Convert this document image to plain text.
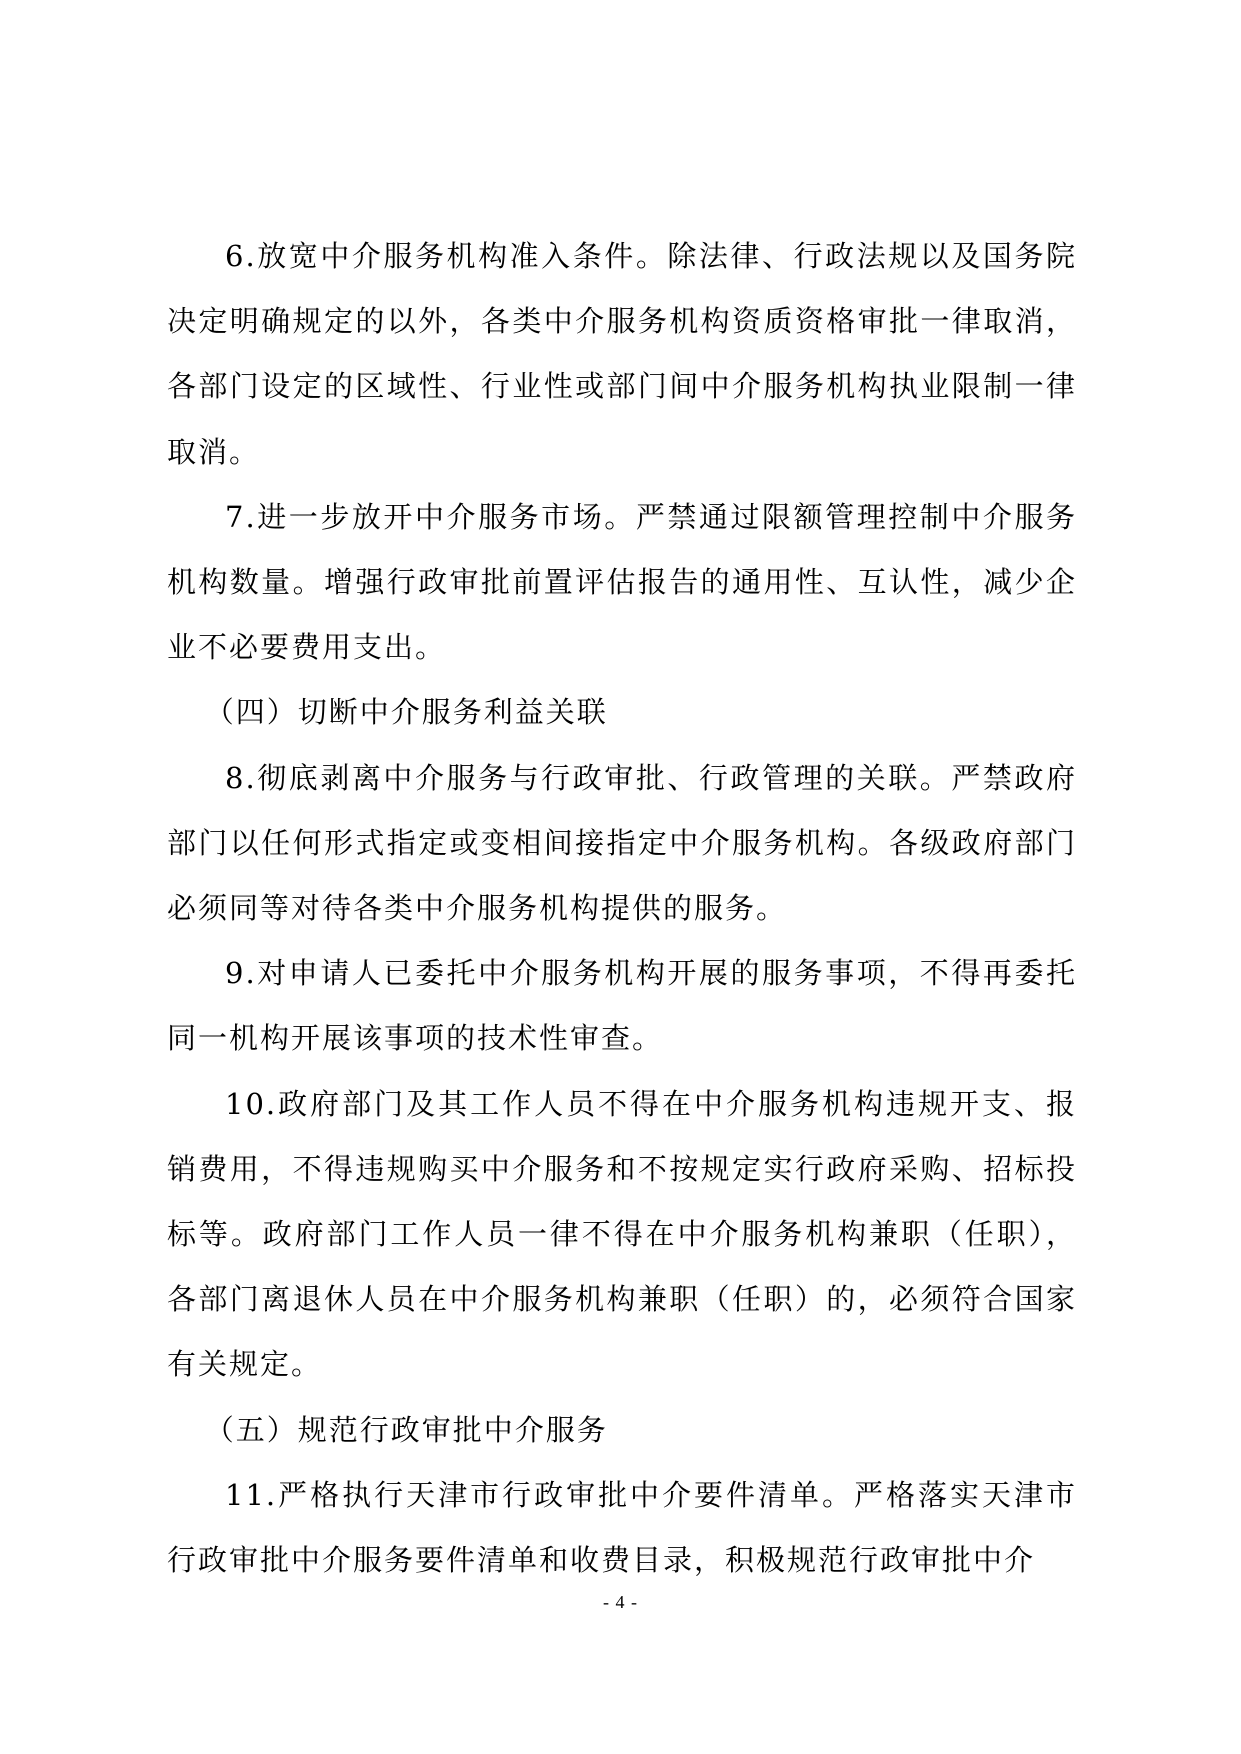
6.放宽中介服务机构准入条件。除法律、行政法规以及国务院决定明确规定的以外，各类中介服务机构资质资格审批一律取消，各部门设定的区域性、行业性或部门间中介服务机构执业限制一律取消。

7.进一步放开中介服务市场。严禁通过限额管理控制中介服务机构数量。增强行政审批前置评估报告的通用性、互认性，减少企业不必要费用支出。

（四）切断中介服务利益关联

8.彻底剥离中介服务与行政审批、行政管理的关联。严禁政府部门以任何形式指定或变相间接指定中介服务机构。各级政府部门必须同等对待各类中介服务机构提供的服务。

9.对申请人已委托中介服务机构开展的服务事项，不得再委托同一机构开展该事项的技术性审查。

10.政府部门及其工作人员不得在中介服务机构违规开支、报销费用，不得违规购买中介服务和不按规定实行政府采购、招标投标等。政府部门工作人员一律不得在中介服务机构兼职（任职），各部门离退休人员在中介服务机构兼职（任职）的，必须符合国家有关规定。

（五）规范行政审批中介服务

11.严格执行天津市行政审批中介要件清单。严格落实天津市行政审批中介服务要件清单和收费目录，积极规范行政审批中介

- 4 -
